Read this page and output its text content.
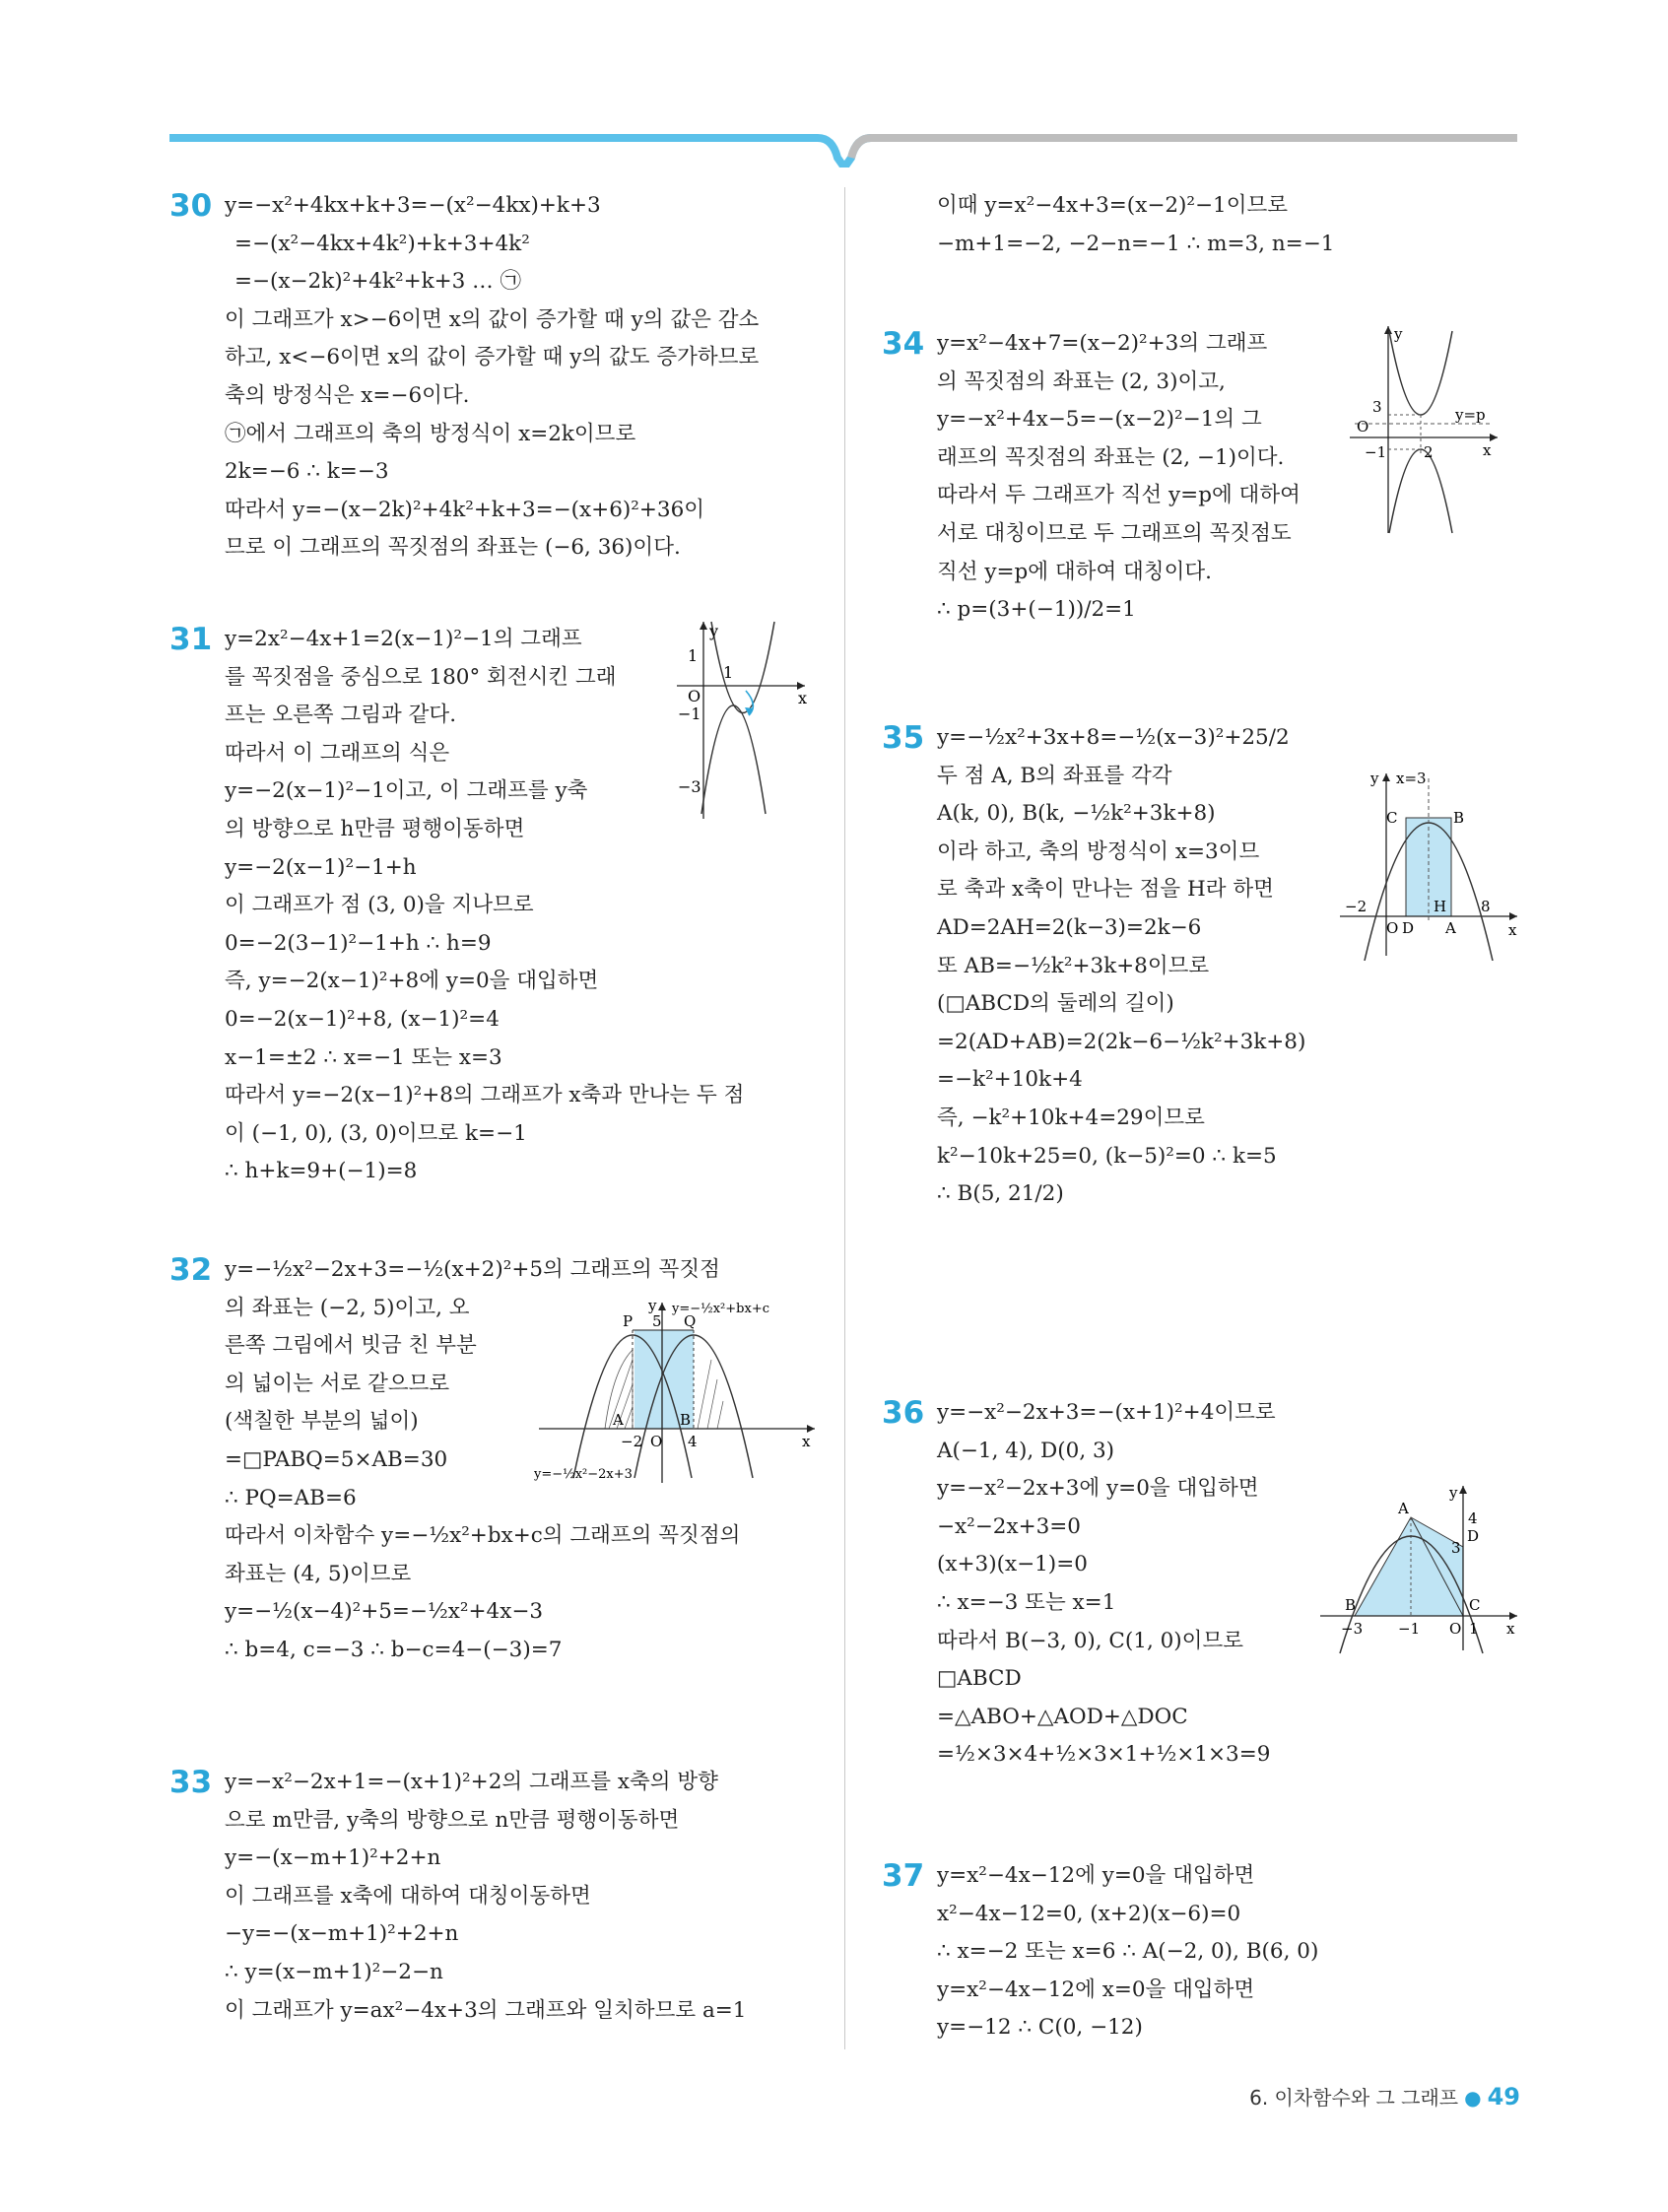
30 y=−x²+4kx+k+3=−(x²−4kx)+k+3
=−(x²−4kx+4k²)+k+3+4k²
=−(x−2k)²+4k²+k+3 … ㉠
이 그래프가 x>−6이면 x의 값이 증가할 때 y의 값은 감소
하고, x<−6이면 x의 값이 증가할 때 y의 값도 증가하므로
축의 방정식은 x=−6이다.
㉠에서 그래프의 축의 방정식이 x=2k이므로
2k=−6 ∴ k=−3
따라서 y=−(x−2k)²+4k²+k+3=−(x+6)²+36이
므로 이 그래프의 꼭짓점의 좌표는 (−6, 36)이다.
31 y=2x²−4x+1=2(x−1)²−1의 그래프
를 꼭짓점을 중심으로 180° 회전시킨 그래
프는 오른쪽 그림과 같다.
따라서 이 그래프의 식은
y=−2(x−1)²−1이고, 이 그래프를 y축
의 방향으로 h만큼 평행이동하면
y=−2(x−1)²−1+h
이 그래프가 점 (3, 0)을 지나므로
0=−2(3−1)²−1+h ∴ h=9
즉, y=−2(x−1)²+8에 y=0을 대입하면
0=−2(x−1)²+8, (x−1)²=4
x−1=±2 ∴ x=−1 또는 x=3
따라서 y=−2(x−1)²+8의 그래프가 x축과 만나는 두 점
이 (−1, 0), (3, 0)이므로 k=−1
∴ h+k=9+(−1)=8
y
1
1
O
−1
x
−3
32 y=−½x²−2x+3=−½(x+2)²+5의 그래프의 꼭짓점
의 좌표는 (−2, 5)이고, 오
른쪽 그림에서 빗금 친 부분
의 넓이는 서로 같으므로
(색칠한 부분의 넓이)
=□PABQ=5×AB=30
∴ PQ=AB=6
따라서 이차함수 y=−½x²+bx+c의 그래프의 꼭짓점의
좌표는 (4, 5)이므로
y=−½(x−4)²+5=−½x²+4x−3
∴ b=4, c=−3 ∴ b−c=4−(−3)=7
y y=−½x²+bx+c
P 5 Q
A	B
−2 O 4	x
y=−½x²−2x+3
33 y=−x²−2x+1=−(x+1)²+2의 그래프를 x축의 방향
으로 m만큼, y축의 방향으로 n만큼 평행이동하면
y=−(x−m+1)²+2+n
이 그래프를 x축에 대하여 대칭이동하면
−y=−(x−m+1)²+2+n
∴ y=(x−m+1)²−2−n
이 그래프가 y=ax²−4x+3의 그래프와 일치하므로 a=1
이때 y=x²−4x+3=(x−2)²−1이므로
−m+1=−2, −2−n=−1 ∴ m=3, n=−1
34 y=x²−4x+7=(x−2)²+3의 그래프
의 꼭짓점의 좌표는 (2, 3)이고,
y=−x²+4x−5=−(x−2)²−1의 그
래프의 꼭짓점의 좌표는 (2, −1)이다.
따라서 두 그래프가 직선 y=p에 대하여
서로 대칭이므로 두 그래프의 꼭짓점도
직선 y=p에 대하여 대칭이다.
∴ p=(3+(−1))/2=1
y
3
O
−1	2
y=p
x
35 y=−½x²+3x+8=−½(x−3)²+25/2
두 점 A, B의 좌표를 각각
A(k, 0), B(k, −½k²+3k+8)
이라 하고, 축의 방정식이 x=3이므
로 축과 x축이 만나는 점을 H라 하면
AD=2AH=2(k−3)=2k−6
또 AB=−½k²+3k+8이므로
(□ABCD의 둘레의 길이)
=2(AD+AB)=2(2k−6−½k²+3k+8)
=−k²+10k+4
즉, −k²+10k+4=29이므로
k²−10k+25=0, (k−5)²=0 ∴ k=5
∴ B(5, 21/2)
y x=3
C	B
−2
O D
H
A
8
x
36 y=−x²−2x+3=−(x+1)²+4이므로
A(−1, 4), D(0, 3)
y=−x²−2x+3에 y=0을 대입하면
−x²−2x+3=0
(x+3)(x−1)=0
∴ x=−3 또는 x=1
따라서 B(−3, 0), C(1, 0)이므로
□ABCD
=△ABO+△AOD+△DOC
=½×3×4+½×3×1+½×1×3=9
y
A
4
3
D
B	C
−3 −1 O 1 x
37 y=x²−4x−12에 y=0을 대입하면
x²−4x−12=0, (x+2)(x−6)=0
∴ x=−2 또는 x=6 ∴ A(−2, 0), B(6, 0)
y=x²−4x−12에 x=0을 대입하면
y=−12 ∴ C(0, −12)
6. 이차함수와 그 그래프 ● 49
